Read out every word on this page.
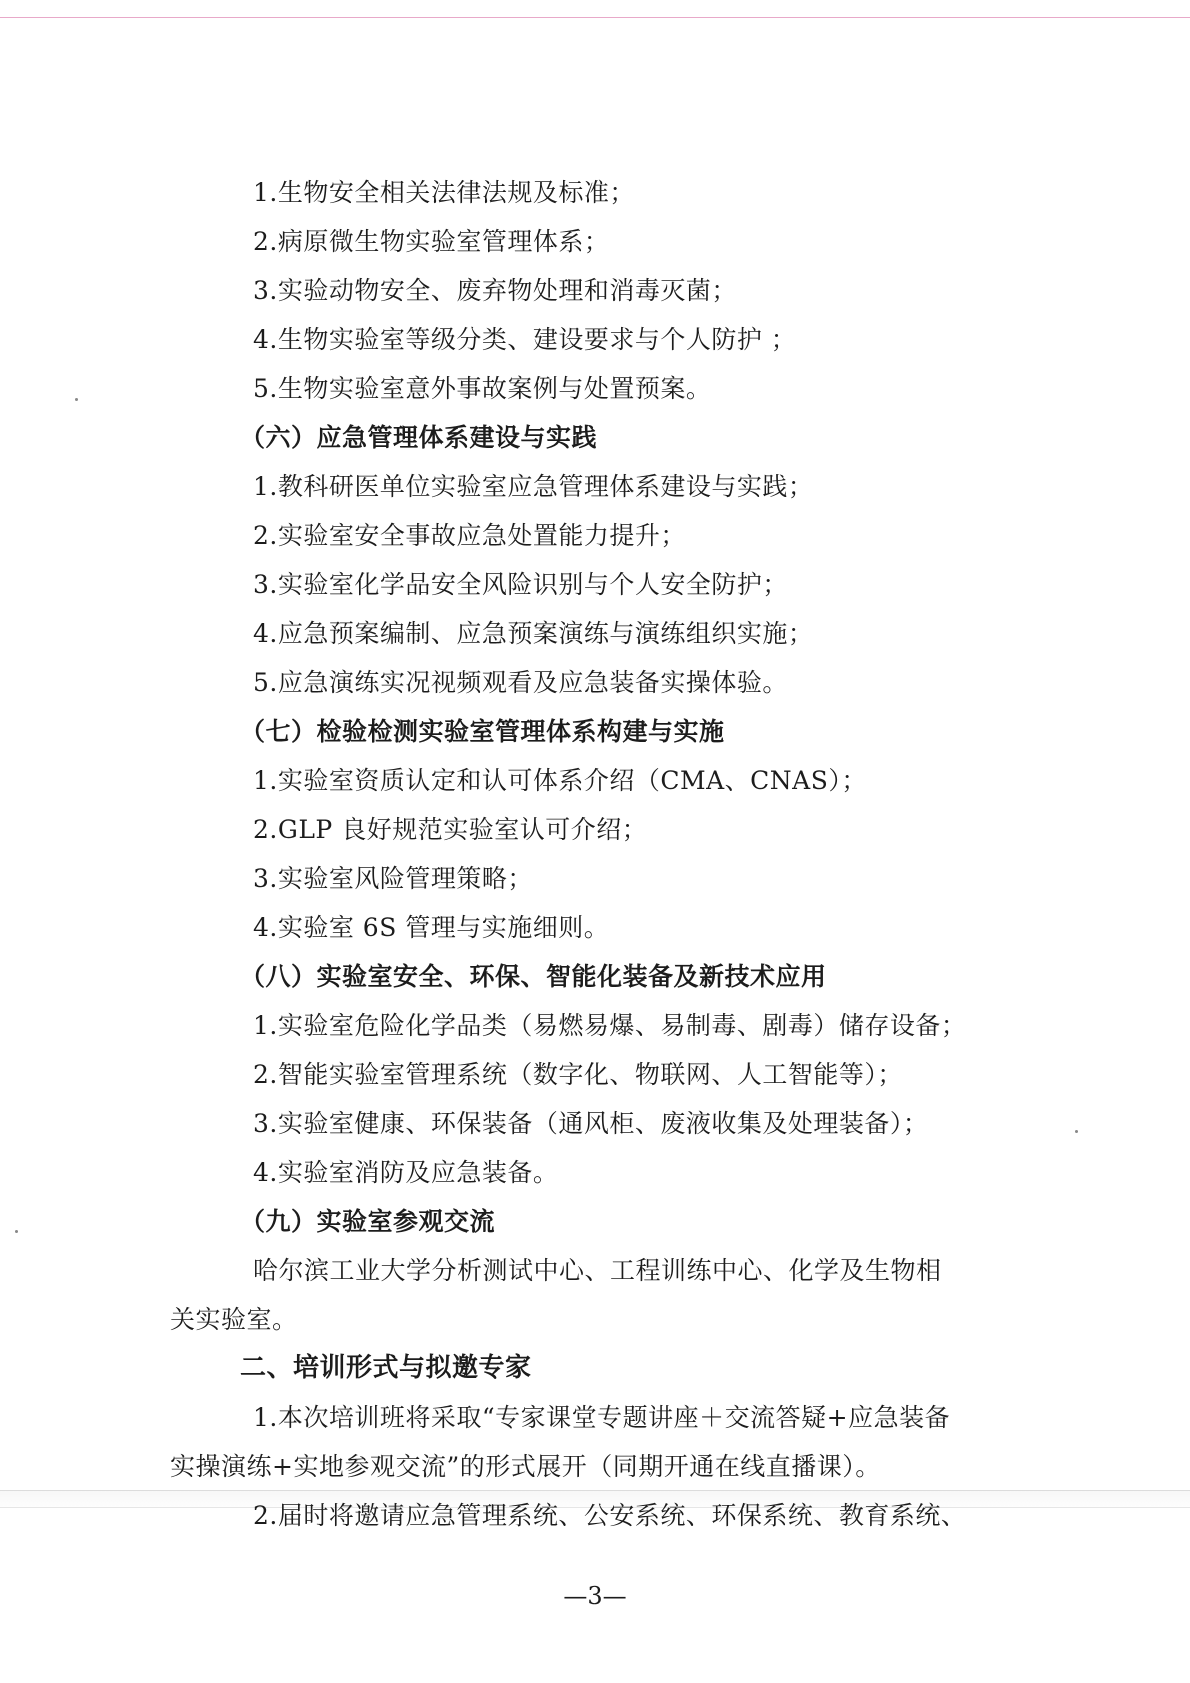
1.生物安全相关法律法规及标准；
2.病原微生物实验室管理体系；
3.实验动物安全、废弃物处理和消毒灭菌；
4.生物实验室等级分类、建设要求与个人防护 ；
5.生物实验室意外事故案例与处置预案。
（六）应急管理体系建设与实践
1.教科研医单位实验室应急管理体系建设与实践；
2.实验室安全事故应急处置能力提升；
3.实验室化学品安全风险识别与个人安全防护；
4.应急预案编制、应急预案演练与演练组织实施；
5.应急演练实况视频观看及应急装备实操体验。
（七）检验检测实验室管理体系构建与实施
1.实验室资质认定和认可体系介绍（CMA、CNAS）；
2.GLP 良好规范实验室认可介绍；
3.实验室风险管理策略；
4.实验室 6S 管理与实施细则。
（八）实验室安全、环保、智能化装备及新技术应用
1.实验室危险化学品类（易燃易爆、易制毒、剧毒）储存设备；
2.智能实验室管理系统（数字化、物联网、人工智能等）；
3.实验室健康、环保装备（通风柜、废液收集及处理装备）；
4.实验室消防及应急装备。
（九）实验室参观交流
哈尔滨工业大学分析测试中心、工程训练中心、化学及生物相
关实验室。
二、培训形式与拟邀专家
1.本次培训班将采取“专家课堂专题讲座＋交流答疑+应急装备
实操演练+实地参观交流”的形式展开（同期开通在线直播课）。
2.届时将邀请应急管理系统、公安系统、环保系统、教育系统、
—3—
